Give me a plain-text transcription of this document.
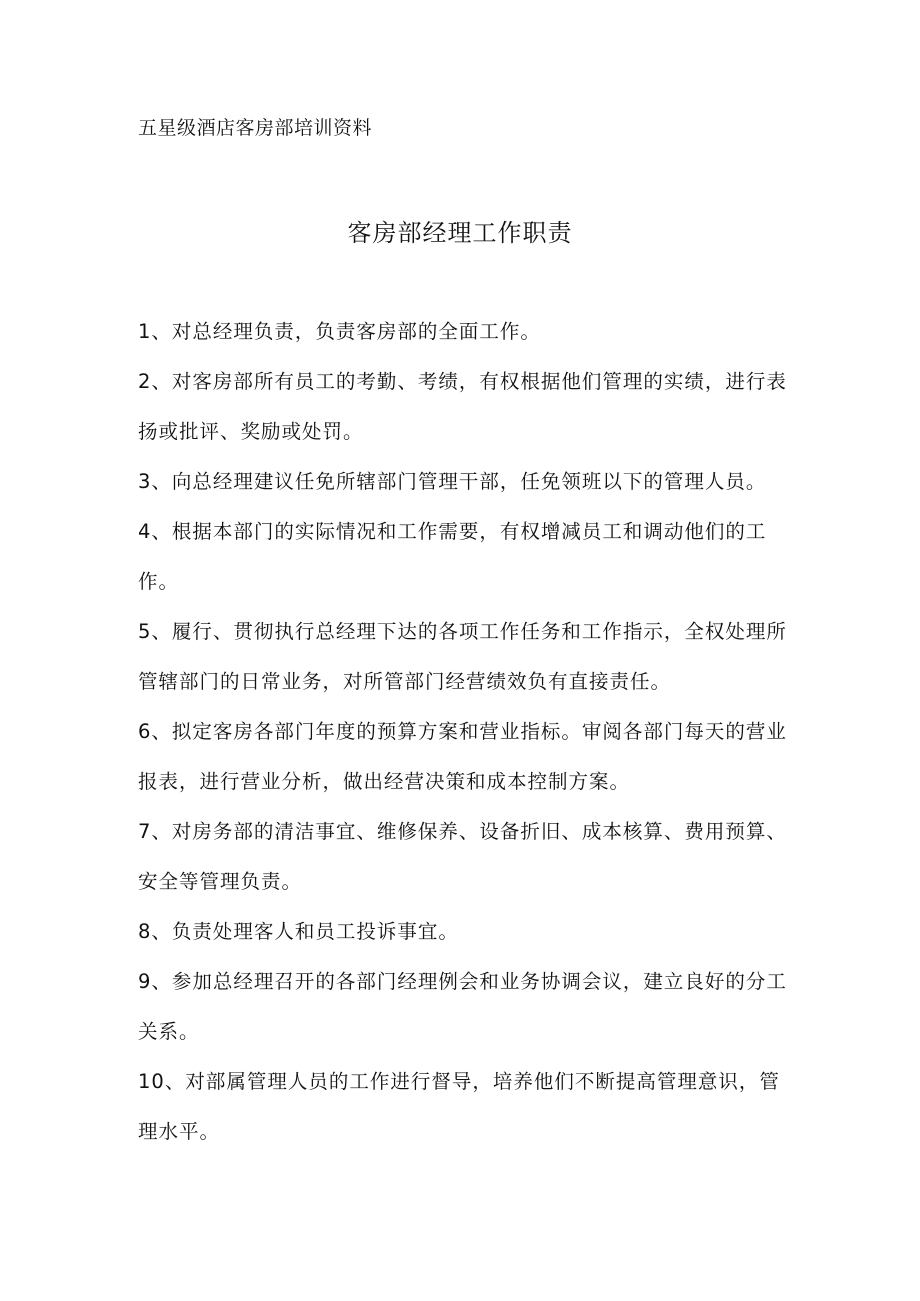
五星级酒店客房部培训资料
客房部经理工作职责
1、对总经理负责，负责客房部的全面工作。
2、对客房部所有员工的考勤、考绩，有权根据他们管理的实绩，进行表扬或批评、奖励或处罚。
3、向总经理建议任免所辖部门管理干部，任免领班以下的管理人员。
4、根据本部门的实际情况和工作需要，有权增减员工和调动他们的工作。
5、履行、贯彻执行总经理下达的各项工作任务和工作指示，全权处理所管辖部门的日常业务，对所管部门经营绩效负有直接责任。
6、拟定客房各部门年度的预算方案和营业指标。审阅各部门每天的营业报表，进行营业分析，做出经营决策和成本控制方案。
7、对房务部的清洁事宜、维修保养、设备折旧、成本核算、费用预算、安全等管理负责。
8、负责处理客人和员工投诉事宜。
9、参加总经理召开的各部门经理例会和业务协调会议，建立良好的分工关系。
10、对部属管理人员的工作进行督导，培养他们不断提高管理意识，管理水平。
